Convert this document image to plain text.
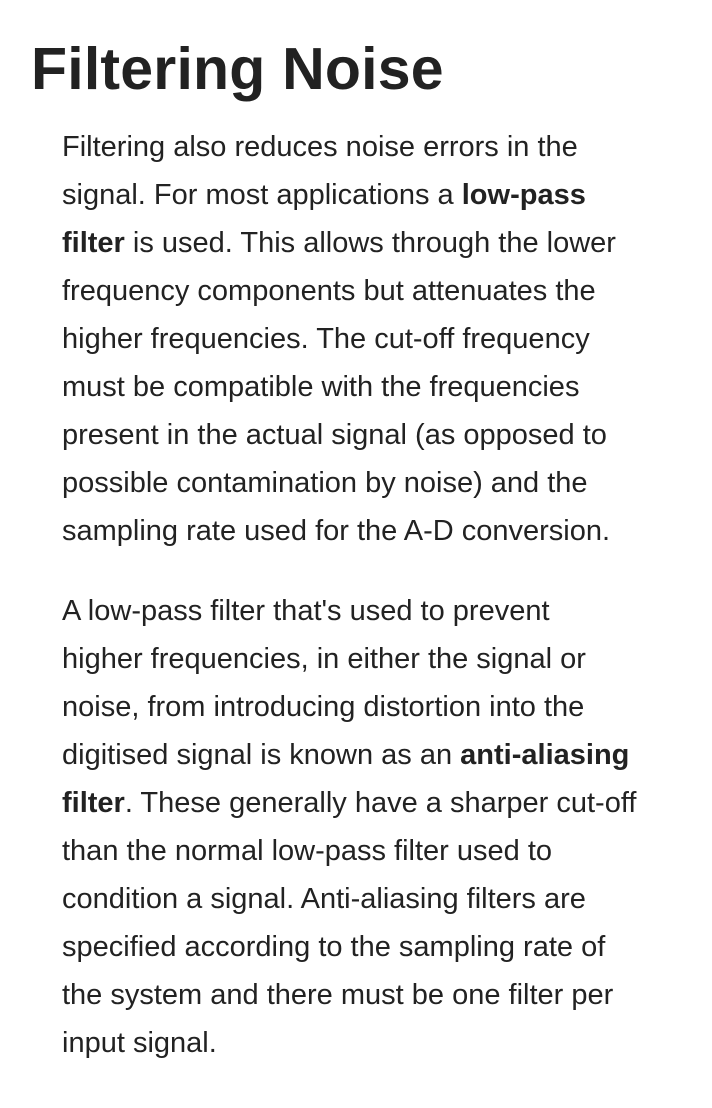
Filtering Noise

Filtering also reduces noise errors in the
signal. For most applications a low-pass
filter is used. This allows through the lower
frequency components but attenuates the
higher frequencies. The cut-off frequency
must be compatible with the frequencies
present in the actual signal (as opposed to
possible contamination by noise) and the
sampling rate used for the A-D conversion.

A low-pass filter that's used to prevent
higher frequencies, in either the signal or
noise, from introducing distortion into the
digitised signal is known as an anti-aliasing
filter. These generally have a sharper cut-off
than the normal low-pass filter used to
condition a signal. Anti-aliasing filters are
specified according to the sampling rate of
the system and there must be one filter per
input signal.
